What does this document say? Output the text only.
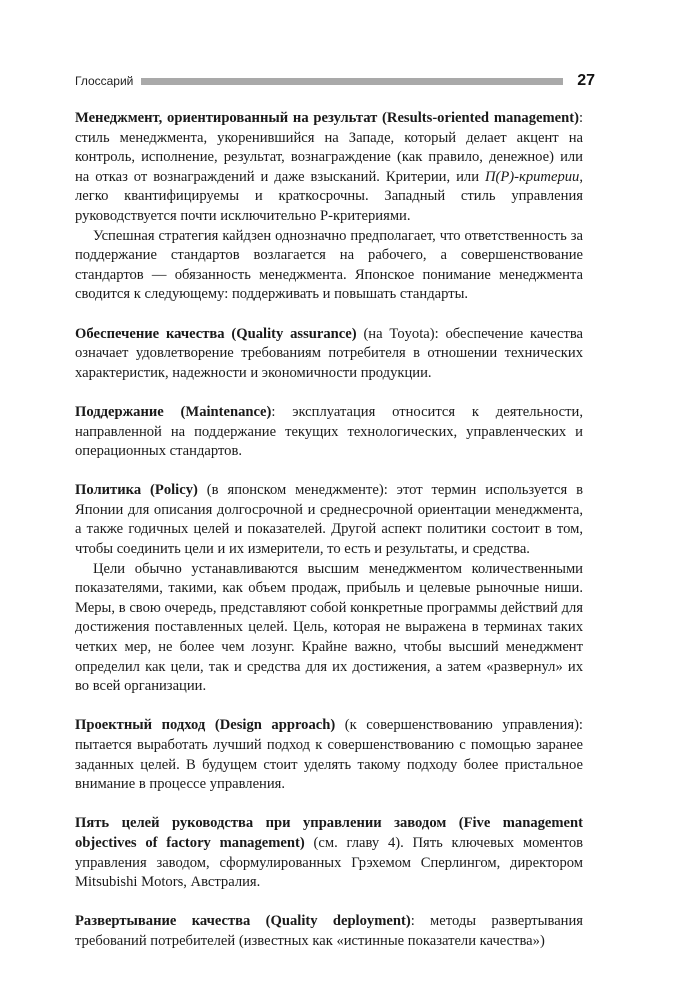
Глоссарий	27

Менеджмент, ориентированный на результат (Results-oriented management): стиль менеджмента, укоренившийся на Западе, который делает акцент на контроль, исполнение, результат, вознаграждение (как правило, денежное) или на отказ от вознаграждений и даже взысканий. Критерии, или П(Р)-критерии, легко квантифицируемы и краткосрочны. Западный стиль управления руководствуется почти исключительно Р-критериями.

Успешная стратегия кайдзен однозначно предполагает, что ответственность за поддержание стандартов возлагается на рабочего, а совершенствование стандартов — обязанность менеджмента. Японское понимание менеджмента сводится к следующему: поддерживать и повышать стандарты.

Обеспечение качества (Quality assurance) (на Toyota): обеспечение качества означает удовлетворение требованиям потребителя в отношении технических характеристик, надежности и экономичности продукции.

Поддержание (Maintenance): эксплуатация относится к деятельности, направленной на поддержание текущих технологических, управленческих и операционных стандартов.

Политика (Policy) (в японском менеджменте): этот термин используется в Японии для описания долгосрочной и среднесрочной ориентации менеджмента, а также годичных целей и показателей. Другой аспект политики состоит в том, чтобы соединить цели и их измерители, то есть и результаты, и средства.

Цели обычно устанавливаются высшим менеджментом количественными показателями, такими, как объем продаж, прибыль и целевые рыночные ниши. Меры, в свою очередь, представляют собой конкретные программы действий для достижения поставленных целей. Цель, которая не выражена в терминах таких четких мер, не более чем лозунг. Крайне важно, чтобы высший менеджмент определил как цели, так и средства для их достижения, а затем «развернул» их во всей организации.

Проектный подход (Design approach) (к совершенствованию управления): пытается выработать лучший подход к совершенствованию с помощью заранее заданных целей. В будущем стоит уделять такому подходу более пристальное внимание в процессе управления.

Пять целей руководства при управлении заводом (Five management objectives of factory management) (см. главу 4). Пять ключевых моментов управления заводом, сформулированных Грэхемом Сперлингом, директором Mitsubishi Motors, Австралия.

Развертывание качества (Quality deployment): методы развертывания требований потребителей (известных как «истинные показатели качества»)
